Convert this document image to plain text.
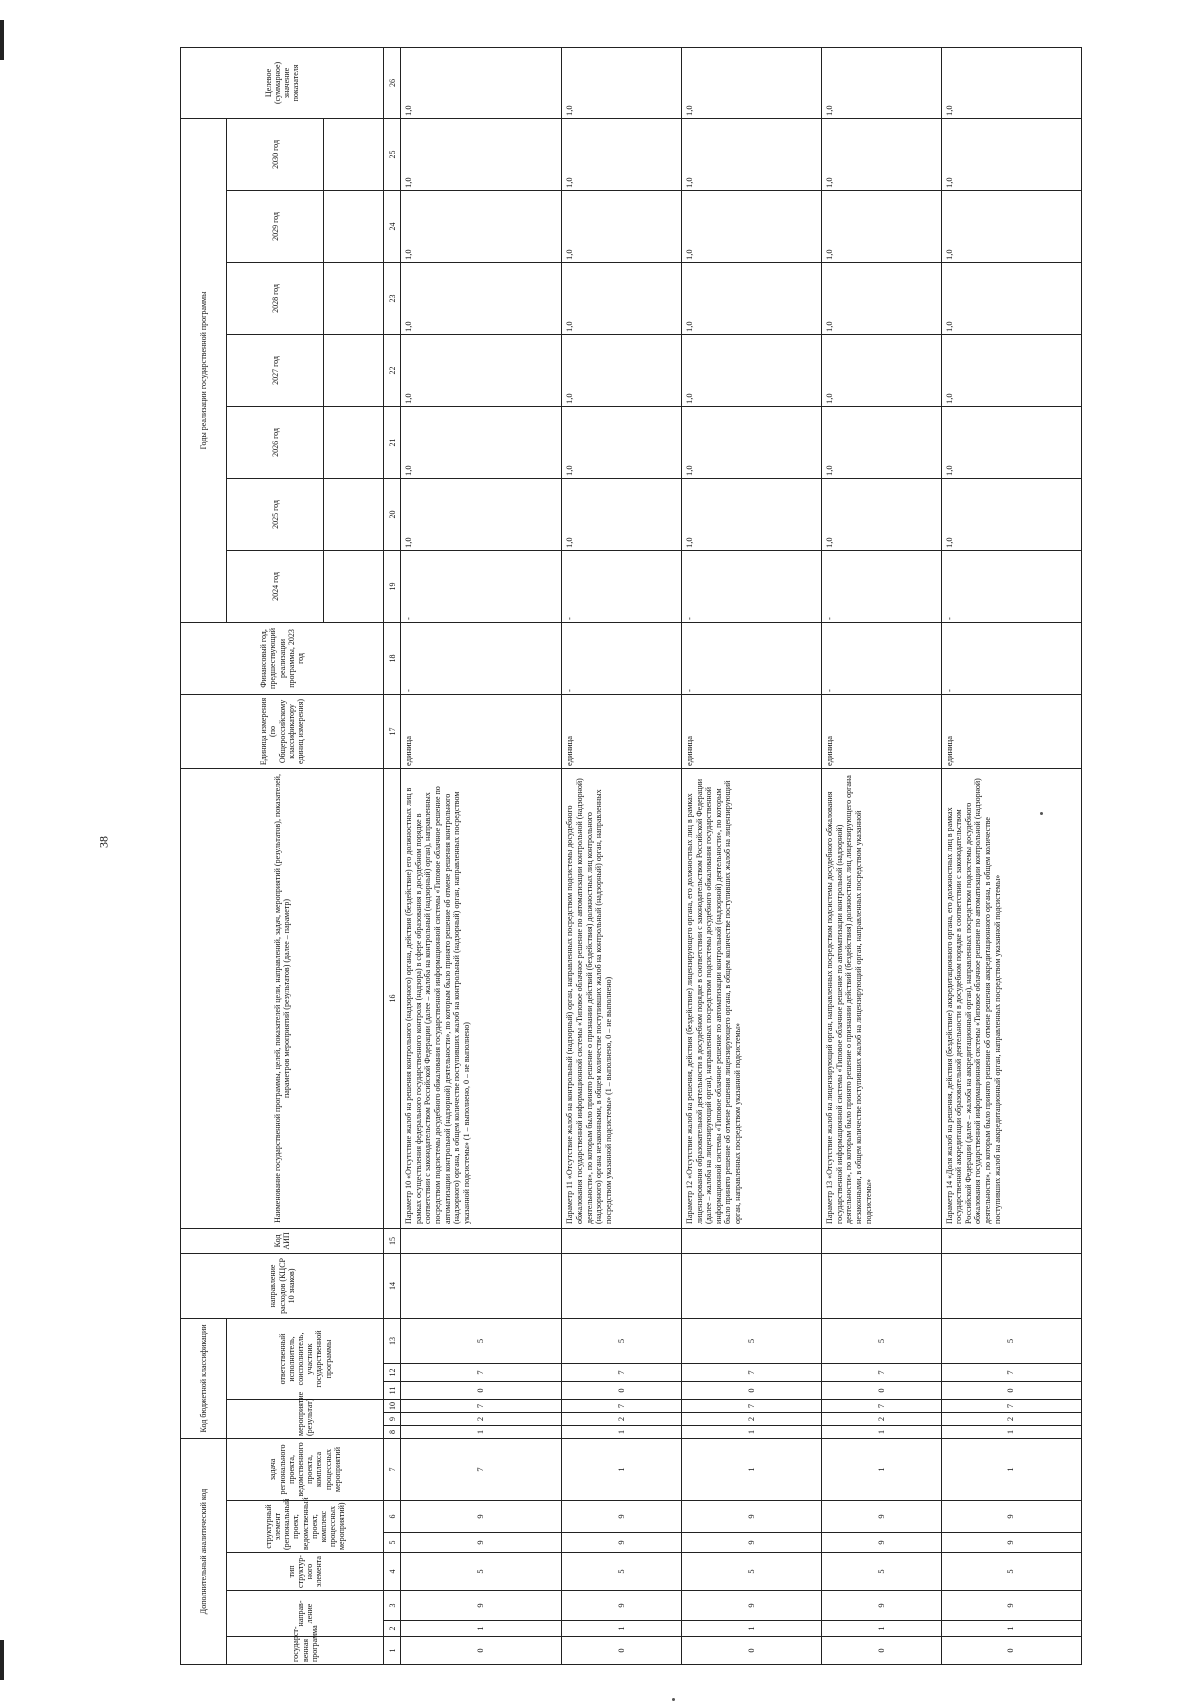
38
Дополнительный аналитический код							Код бюджетной классификации						направление расходов (КЦСР 10 знаков)	Код АИП	Наименование государственной программы, целей, показателей цели, направлений, задач, мероприятий (результатов), показателей, параметров мероприятий (результатов) (далее – параметр)	Единица измерения (по Общероссийскому классификатору единиц измерения)	Финансовый год, предшествующий реализации программы, 2023 год	Годы реализации государственной программы							Целевое (суммарное) значение показателя
государст-венная программа	направ-ление		тип структур-ного элемента	структурный элемент (региональный проект, ведомственный проект, комплекс процессных мероприятий)		задача регионального проекта, ведомственного проекта, комплекса процессных мероприятий	мероприятие (результат)			ответственный исполнитель, соисполнитель, участник государственной программы								2024 год	2025 год	2026 год	2027 год	2028 год	2029 год	2030 год	

1	2	3	4	5	6	7	8	9	10	11	12	13	14	15	16	17	18	19	20	21	22	23	24	25	26
0	1	9	5	9	9	7	1	2	7	0	7	5			Параметр 10 «Отсутствие жалоб на решения контрольного (надзорного) органа, действия (бездействие) его должностных лиц в рамках осуществления федерального государственного контроля (надзора) в сфере образования в досудебном порядке в соответствии с законодательством Российской Федерации (далее – жалоба на контрольный (надзорный) орган), направленных посредством подсистемы досудебного обжалования государственной информационной системы «Типовое облачное решение по автоматизации контрольной (надзорной) деятельности», по которым было принято решение об отмене решения контрольного (надзорного) органа, в общем количестве поступивших жалоб на контрольный (надзорный) орган, направленных посредством указанной подсистемы» (1 – выполнено, 0 – не выполнено)	единица	-	-	1,0	1,0	1,0	1,0	1,0	1,0	1,0
0	1	9	5	9	9	1	1	2	7	0	7	5			Параметр 11 «Отсутствие жалоб на контрольный (надзорный) орган, направленных посредством подсистемы досудебного обжалования государственной информационной системы «Типовое облачное решение по автоматизации контрольной (надзорной) деятельности», по которым было принято решение о признании действий (бездействия) должностных лиц контрольного (надзорного) органа незаконными, в общем количестве поступивших жалоб на контрольный (надзорный) орган, направленных посредством указанной подсистемы» (1 – выполнено, 0 – не выполнено)	единица	-	-	1,0	1,0	1,0	1,0	1,0	1,0	1,0
0	1	9	5	9	9	1	1	2	7	0	7	5			Параметр 12 «Отсутствие жалоб на решения, действия (бездействие) лицензирующего органа, его должностных лиц в рамках лицензирования образовательной деятельности в досудебном порядке в соответствии с законодательством Российской Федерации (далее – жалоба на лицензирующий орган), направленных посредством подсистемы досудебного обжалования государственной информационной системы «Типовое облачное решение по автоматизации контрольной (надзорной) деятельности», по которым было принято решение об отмене решения лицензирующего органа, в общем количестве поступивших жалоб на лицензирующий орган, направленных посредством указанной подсистемы»	единица	-	-	1,0	1,0	1,0	1,0	1,0	1,0	1,0
0	1	9	5	9	9	1	1	2	7	0	7	5			Параметр 13 «Отсутствие жалоб на лицензирующий орган, направленных посредством подсистемы досудебного обжалования государственной информационной системы «Типовое облачное решение по автоматизации контрольной (надзорной) деятельности», по которым было принято решение о признании действий (бездействия) должностных лиц лицензирующего органа незаконными, в общем количестве поступивших жалоб на лицензирующий орган, направленных посредством указанной подсистемы»	единица	-	-	1,0	1,0	1,0	1,0	1,0	1,0	1,0
0	1	9	5	9	9	1	1	2	7	0	7	5			Параметр 14 «Доля жалоб на решения, действия (бездействие) аккредитационного органа, его должностных лиц в рамках государственной аккредитации образовательной деятельности в досудебном порядке в соответствии с законодательством Российской Федерации (далее – жалоба на аккредитационный орган), направленных посредством подсистемы досудебного обжалования государственной информационной системы «Типовое облачное решение по автоматизации контрольной (надзорной) деятельности», по которым было принято решение об отмене решения аккредитационного органа, в общем количестве поступивших жалоб на аккредитационный орган, направленных посредством указанной подсистемы»	единица	-	-	1,0	1,0	1,0	1,0	1,0	1,0	1,0
